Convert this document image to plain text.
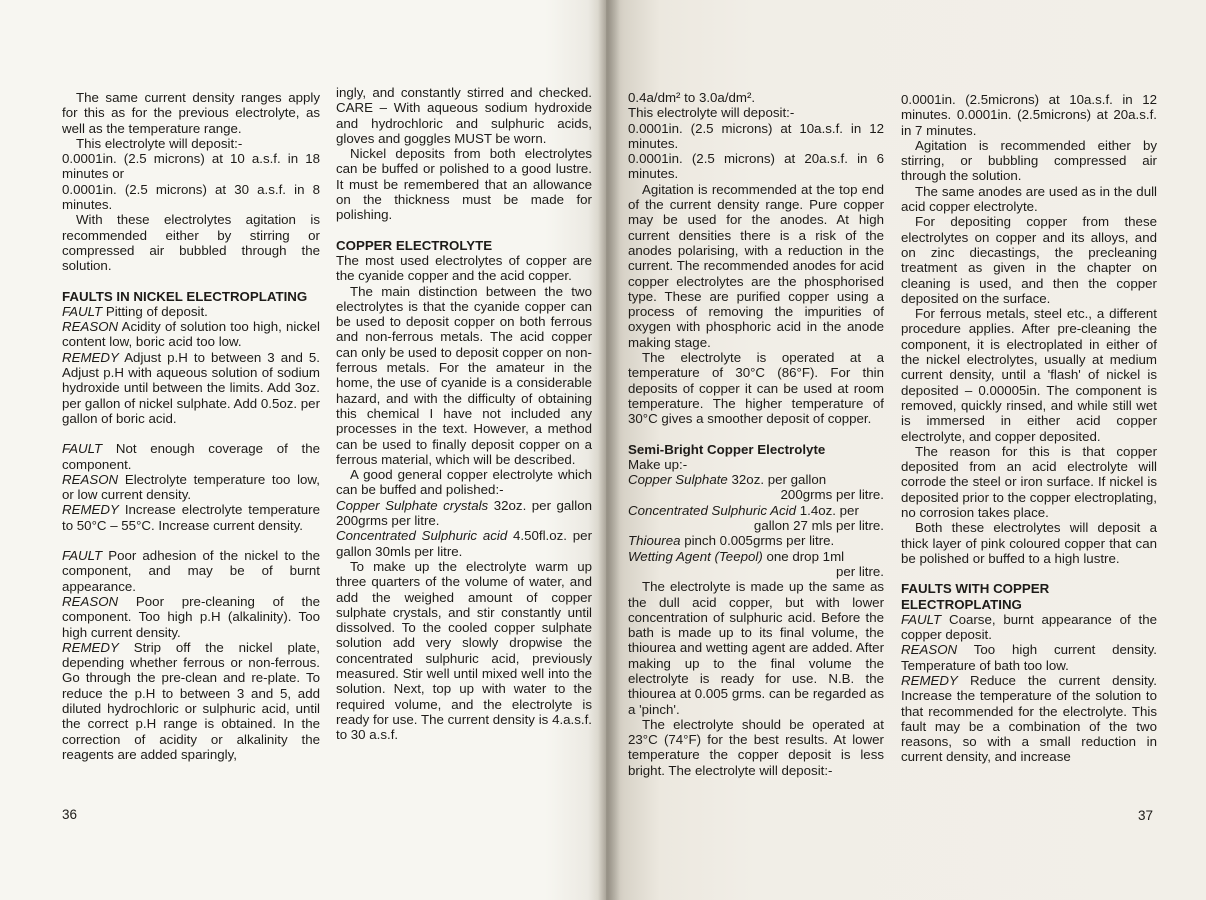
The same current density ranges apply for this as for the previous electrolyte, as well as the temperature range.

This electrolyte will deposit:-

0.0001in. (2.5 microns) at 10 a.s.f. in 18 minutes or

0.0001in. (2.5 microns) at 30 a.s.f. in 8 minutes.

With these electrolytes agitation is recommended either by stirring or compressed air bubbled through the solution.

FAULTS IN NICKEL ELECTROPLATING

FAULT Pitting of deposit.

REASON Acidity of solution too high, nickel content low, boric acid too low.

REMEDY Adjust p.H to between 3 and 5. Adjust p.H with aqueous solution of sodium hydroxide until between the limits. Add 3oz. per gallon of nickel sulphate. Add 0.5oz. per gallon of boric acid.

FAULT Not enough coverage of the component.

REASON Electrolyte temperature too low, or low current density.

REMEDY Increase electrolyte temperature to 50°C – 55°C. Increase current density.

FAULT Poor adhesion of the nickel to the component, and may be of burnt appearance.

REASON Poor pre-cleaning of the component. Too high p.H (alkalinity). Too high current density.

REMEDY Strip off the nickel plate, depending whether ferrous or non-ferrous. Go through the pre-clean and re-plate. To reduce the p.H to between 3 and 5, add diluted hydrochloric or sulphuric acid, until the correct p.H range is obtained. In the correction of acidity or alkalinity the reagents are added sparingly,

ingly, and constantly stirred and checked. CARE – With aqueous sodium hydroxide and hydrochloric and sulphuric acids, gloves and goggles MUST be worn.

Nickel deposits from both electrolytes can be buffed or polished to a good lustre. It must be remembered that an allowance on the thickness must be made for polishing.

COPPER ELECTROLYTE

The most used electrolytes of copper are the cyanide copper and the acid copper.

The main distinction between the two electrolytes is that the cyanide copper can be used to deposit copper on both ferrous and non-ferrous metals. The acid copper can only be used to deposit copper on non-ferrous metals. For the amateur in the home, the use of cyanide is a considerable hazard, and with the difficulty of obtaining this chemical I have not included any processes in the text. However, a method can be used to finally deposit copper on a ferrous material, which will be described.

A good general copper electrolyte which can be buffed and polished:-

Copper Sulphate crystals 32oz. per gallon 200grms per litre.

Concentrated Sulphuric acid 4.50fl.oz. per gallon 30mls per litre.

To make up the electrolyte warm up three quarters of the volume of water, and add the weighed amount of copper sulphate crystals, and stir constantly until dissolved. To the cooled copper sulphate solution add very slowly dropwise the concentrated sulphuric acid, previously measured. Stir well until mixed well into the solution. Next, top up with water to the required volume, and the electrolyte is ready for use. The current density is 4.a.s.f. to 30 a.s.f.

36

0.4a/dm² to 3.0a/dm².

This electrolyte will deposit:-

0.0001in. (2.5 microns) at 10a.s.f. in 12 minutes.

0.0001in. (2.5 microns) at 20a.s.f. in 6 minutes.

Agitation is recommended at the top end of the current density range. Pure copper may be used for the anodes. At high current densities there is a risk of the anodes polarising, with a reduction in the current. The recommended anodes for acid copper electrolytes are the phosphorised type. These are purified copper using a process of removing the impurities of oxygen with phosphoric acid in the anode making stage.

The electrolyte is operated at a temperature of 30°C (86°F). For thin deposits of copper it can be used at room temperature. The higher temperature of 30°C gives a smoother deposit of copper.

Semi-Bright Copper Electrolyte

Make up:-

Copper Sulphate 32oz. per gallon

200grms per litre.

Concentrated Sulphuric Acid 1.4oz. per

gallon 27 mls per litre.

Thiourea pinch 0.005grms per litre.

Wetting Agent (Teepol) one drop 1ml

per litre.

The electrolyte is made up the same as the dull acid copper, but with lower concentration of sulphuric acid. Before the bath is made up to its final volume, the thiourea and wetting agent are added. After making up to the final volume the electrolyte is ready for use. N.B. the thiourea at 0.005 grms. can be regarded as a 'pinch'.

The electrolyte should be operated at 23°C (74°F) for the best results. At lower temperature the copper deposit is less bright. The electrolyte will deposit:-

0.0001in. (2.5microns) at 10a.s.f. in 12 minutes. 0.0001in. (2.5microns) at 20a.s.f. in 7 minutes.

Agitation is recommended either by stirring, or bubbling compressed air through the solution.

The same anodes are used as in the dull acid copper electrolyte.

For depositing copper from these electrolytes on copper and its alloys, and on zinc diecastings, the precleaning treatment as given in the chapter on cleaning is used, and then the copper deposited on the surface.

For ferrous metals, steel etc., a different procedure applies. After pre-cleaning the component, it is electroplated in either of the nickel electrolytes, usually at medium current density, until a 'flash' of nickel is deposited – 0.00005in. The component is removed, quickly rinsed, and while still wet is immersed in either acid copper electrolyte, and copper deposited.

The reason for this is that copper deposited from an acid electrolyte will corrode the steel or iron surface. If nickel is deposited prior to the copper electroplating, no corrosion takes place.

Both these electrolytes will deposit a thick layer of pink coloured copper that can be polished or buffed to a high lustre.

FAULTS WITH COPPER ELECTROPLATING

FAULT Coarse, burnt appearance of the copper deposit.

REASON Too high current density. Temperature of bath too low.

REMEDY Reduce the current density. Increase the temperature of the solution to that recommended for the electrolyte. This fault may be a combination of the two reasons, so with a small reduction in current density, and increase

37
